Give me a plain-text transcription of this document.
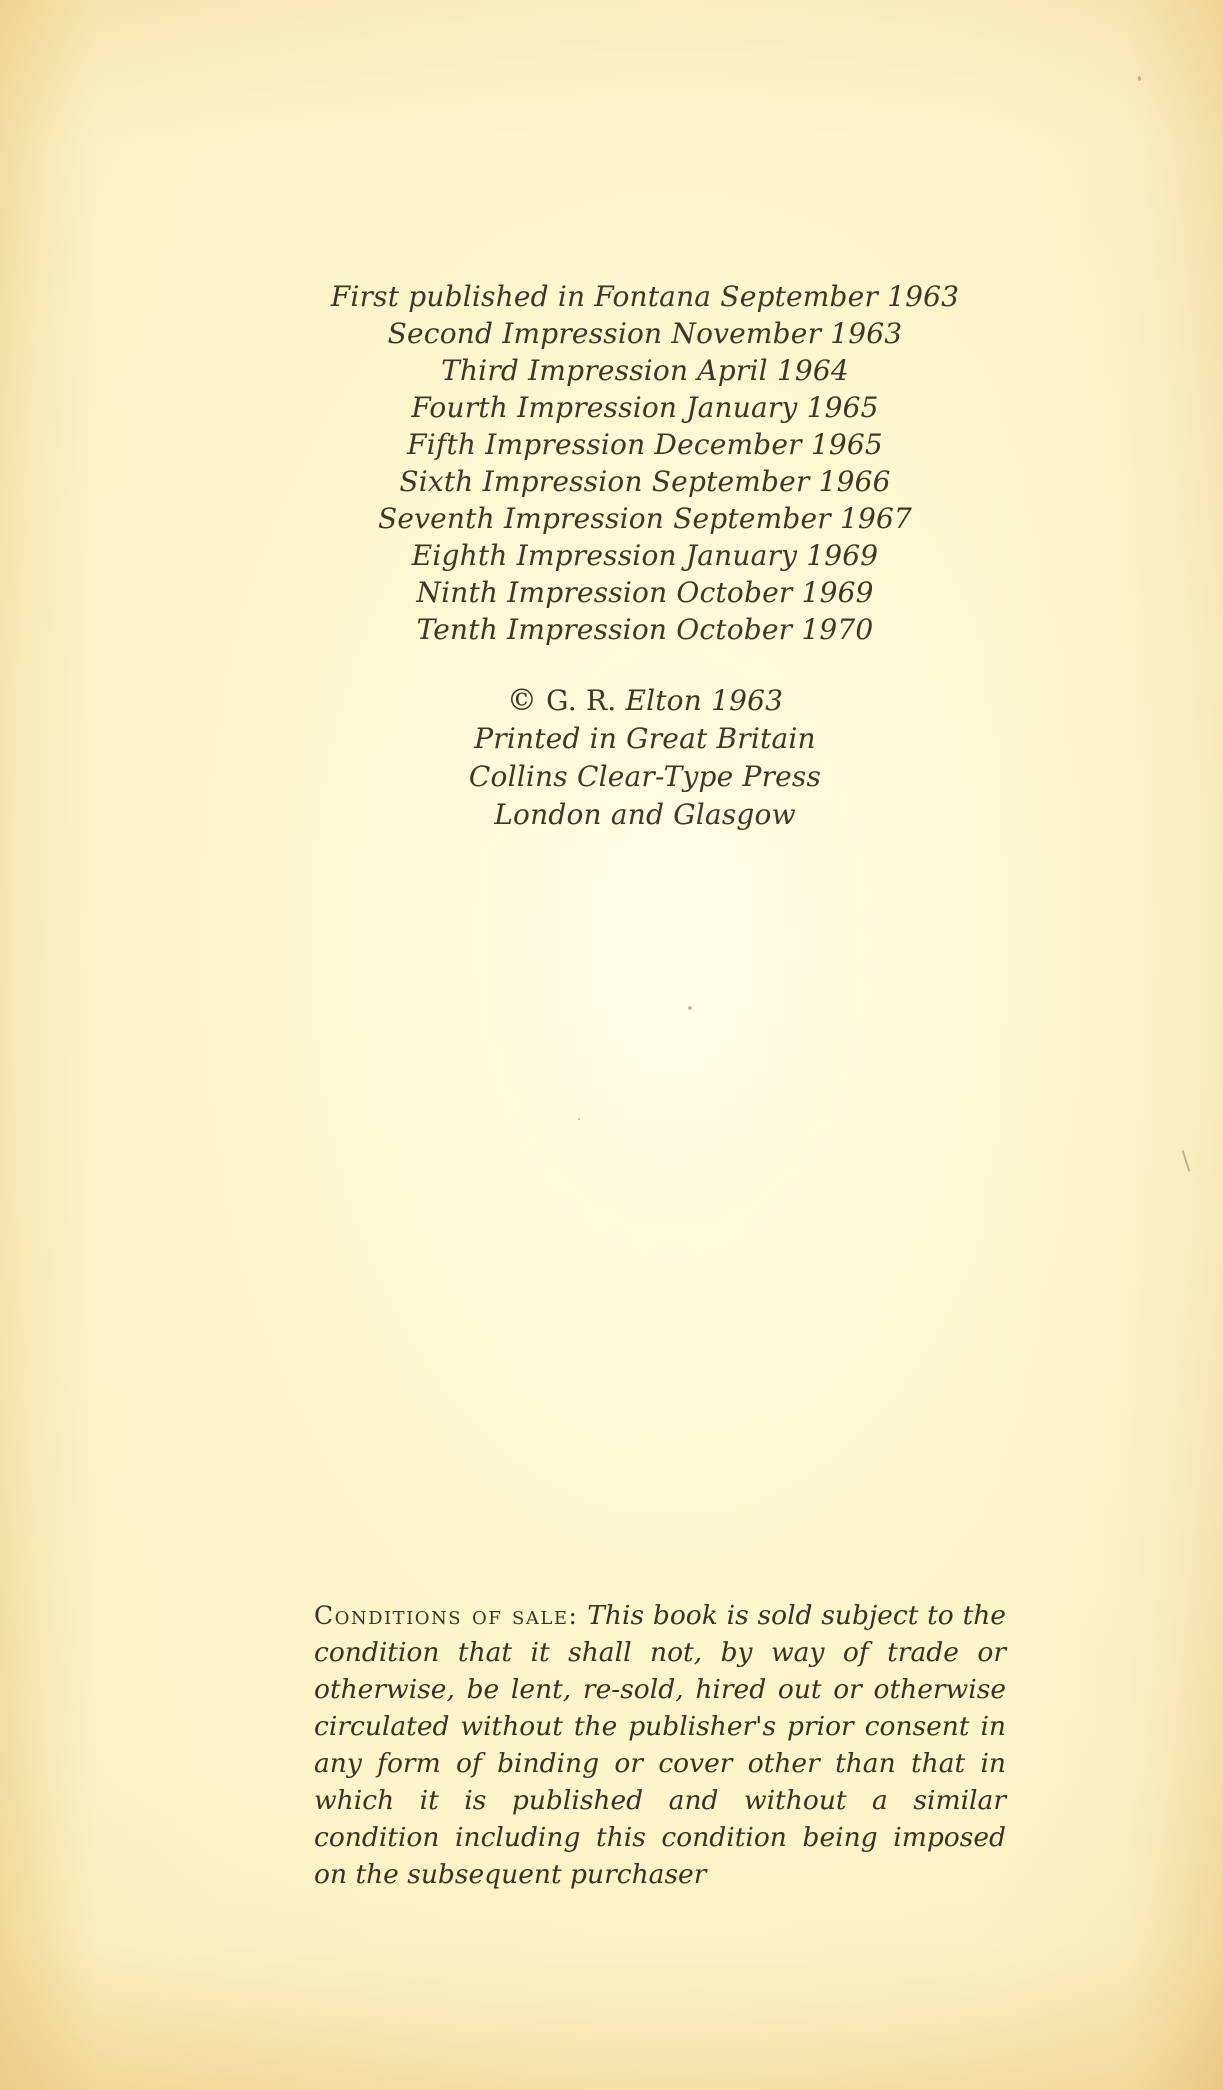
First published in Fontana September 1963
Second Impression November 1963
Third Impression April 1964
Fourth Impression January 1965
Fifth Impression December 1965
Sixth Impression September 1966
Seventh Impression September 1967
Eighth Impression January 1969
Ninth Impression October 1969
Tenth Impression October 1970
© G. R. Elton 1963
Printed in Great Britain
Collins Clear-Type Press
London and Glasgow
Conditions of sale: This book is sold subject to the condition that it shall not, by way of trade or otherwise, be lent, re-sold, hired out or otherwise circulated without the publisher's prior consent in any form of binding or cover other than that in which it is published and without a similar condition including this condition being imposed on the subsequent purchaser
